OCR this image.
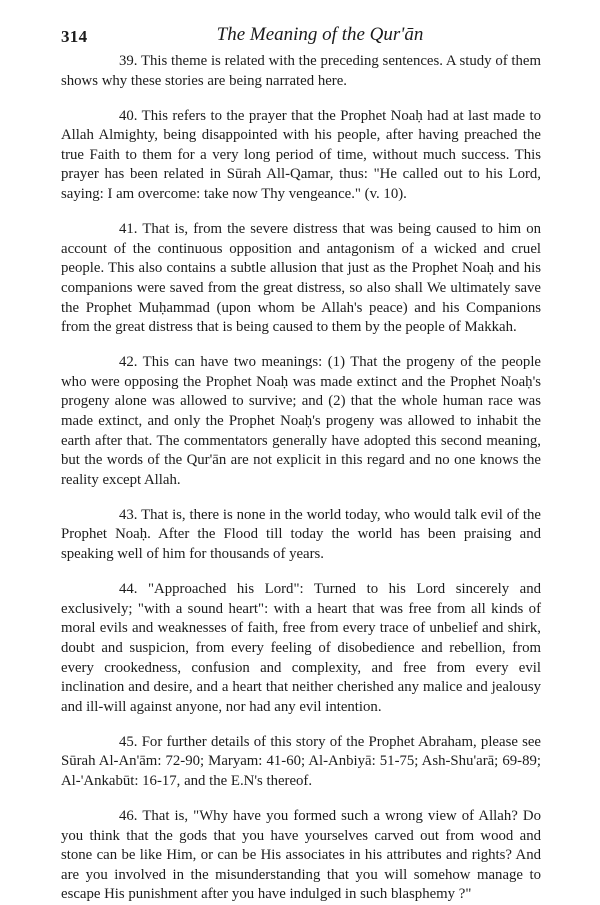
314	The Meaning of the Qur'ān

39. This theme is related with the preceding sentences. A study of them shows why these stories are being narrated here.

40. This refers to the prayer that the Prophet Noaḥ had at last made to Allah Almighty, being disappointed with his people, after having preached the true Faith to them for a very long period of time, without much success. This prayer has been related in Sūrah All-Qamar, thus: "He called out to his Lord, saying: I am overcome: take now Thy vengeance." (v. 10).

41. That is, from the severe distress that was being caused to him on account of the continuous opposition and antagonism of a wicked and cruel people. This also contains a subtle allusion that just as the Prophet Noaḥ and his companions were saved from the great distress, so also shall We ultimately save the Prophet Muḥammad (upon whom be Allah's peace) and his Companions from the great distress that is being caused to them by the people of Makkah.

42. This can have two meanings: (1) That the progeny of the people who were opposing the Prophet Noaḥ was made extinct and the Prophet Noaḥ's progeny alone was allowed to survive; and (2) that the whole human race was made extinct, and only the Prophet Noaḥ's progeny was allowed to inhabit the earth after that. The commentators generally have adopted this second meaning, but the words of the Qur'ān are not explicit in this regard and no one knows the reality except Allah.

43. That is, there is none in the world today, who would talk evil of the Prophet Noaḥ. After the Flood till today the world has been praising and speaking well of him for thousands of years.

44. "Approached his Lord": Turned to his Lord sincerely and exclusively; "with a sound heart": with a heart that was free from all kinds of moral evils and weaknesses of faith, free from every trace of unbelief and shirk, doubt and suspicion, from every feeling of disobedience and rebellion, from every crookedness, confusion and complexity, and free from every evil inclination and desire, and a heart that neither cherished any malice and jealousy and ill-will against anyone, nor had any evil intention.

45. For further details of this story of the Prophet Abraham, please see Sūrah Al-An'ām: 72-90; Maryam: 41-60; Al-Anbiyā: 51-75; Ash-Shu'arā; 69-89; Al-'Ankabūt: 16-17, and the E.N's thereof.

46. That is, "Why have you formed such a wrong view of Allah? Do you think that the gods that you have yourselves carved out from wood and stone can be like Him, or can be His associates in his attributes and rights? And are you involved in the misunderstanding that you will somehow manage to escape His punishment after you have indulged in such blasphemy ?"
